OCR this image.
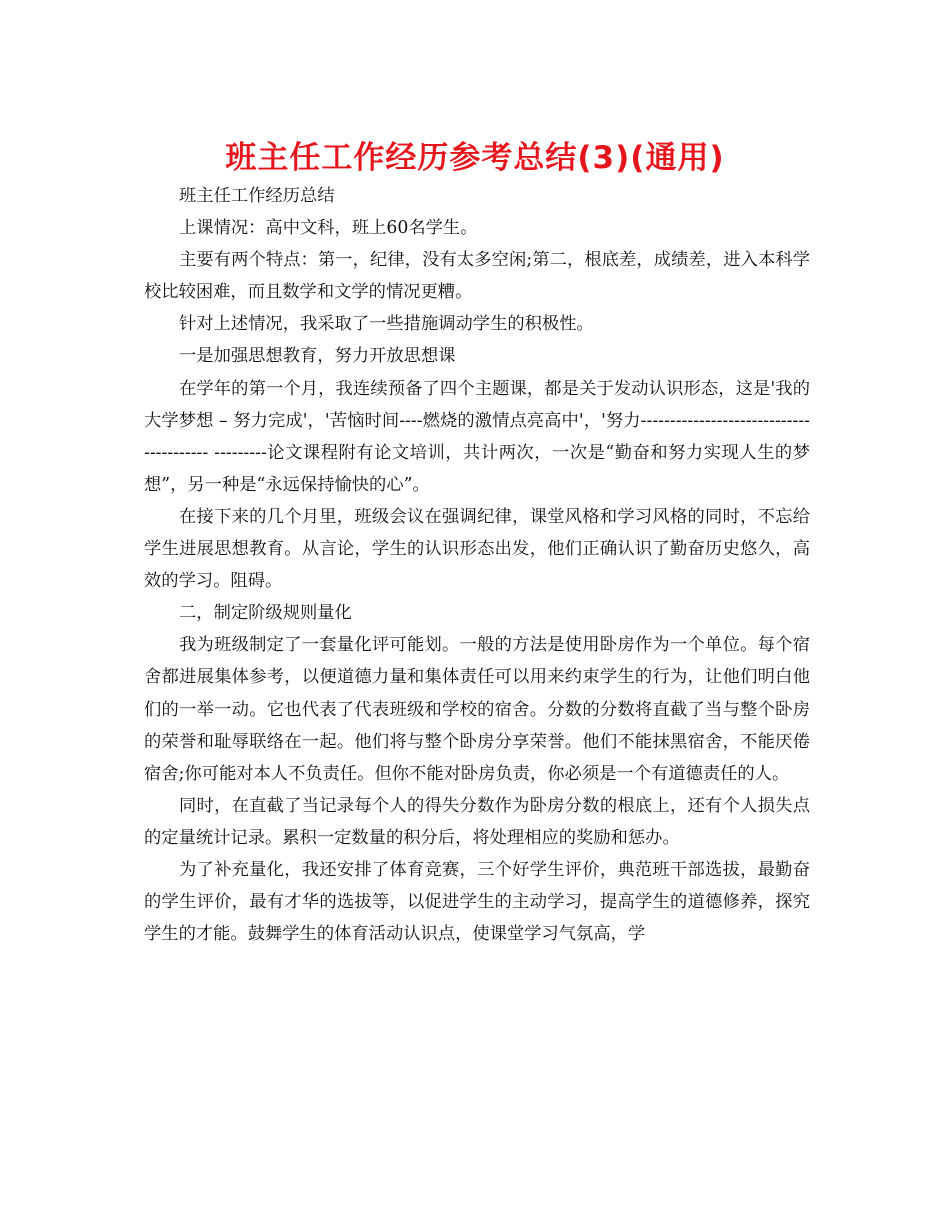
班主任工作经历参考总结(3)(通用)

班主任工作经历总结

上课情况：高中文科，班上60名学生。

主要有两个特点：第一，纪律，没有太多空闲;第二，根底差，成绩差，进入本科学校比较困难，而且数学和文学的情况更糟。

针对上述情况，我采取了一些措施调动学生的积极性。

一是加强思想教育，努力开放思想课

在学年的第一个月，我连续预备了四个主题课，都是关于发动认识形态，这是'我的大学梦想 – 努力完成'，'苦恼时间----燃烧的激情点亮高中'，'努力---------------------------------------- ---------论文课程附有论文培训，共计两次，一次是“勤奋和努力实现人生的梦想”，另一种是“永远保持愉快的心”。

在接下来的几个月里，班级会议在强调纪律，课堂风格和学习风格的同时，不忘给学生进展思想教育。从言论，学生的认识形态出发，他们正确认识了勤奋历史悠久，高效的学习。阻碍。

二，制定阶级规则量化

我为班级制定了一套量化评可能划。一般的方法是使用卧房作为一个单位。每个宿舍都进展集体参考，以便道德力量和集体责任可以用来约束学生的行为，让他们明白他们的一举一动。它也代表了代表班级和学校的宿舍。分数的分数将直截了当与整个卧房的荣誉和耻辱联络在一起。他们将与整个卧房分享荣誉。他们不能抹黑宿舍，不能厌倦宿舍;你可能对本人不负责任。但你不能对卧房负责，你必须是一个有道德责任的人。

同时，在直截了当记录每个人的得失分数作为卧房分数的根底上，还有个人损失点的定量统计记录。累积一定数量的积分后，将处理相应的奖励和惩办。

为了补充量化，我还安排了体育竞赛，三个好学生评价，典范班干部选拔，最勤奋的学生评价，最有才华的选拔等，以促进学生的主动学习，提高学生的道德修养，探究学生的才能。鼓舞学生的体育活动认识点，使课堂学习气氛高，学
